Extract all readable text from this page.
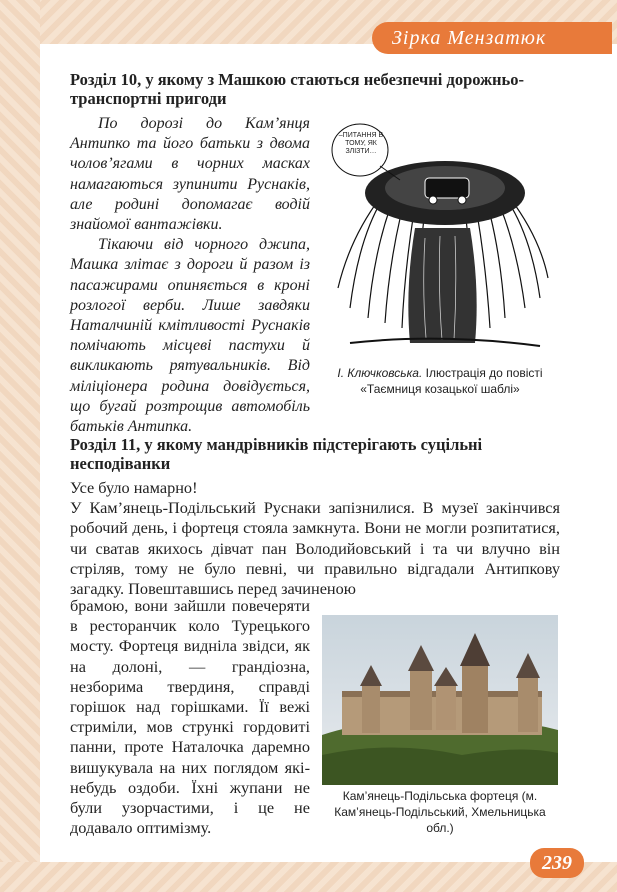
Зірка Мензатюк
Розділ 10, у якому з Машкою стаються небезпечні дорожньо-транспортні пригоди

По дорозі до Кам’янця Антипко та його батьки з двома чоловʼягами в чорних масках намагаються зупинити Руснаків, але родині допомагає водій знайомої вантажівки.

Тікаючи від чорного джипа, Машка злітає з дороги й разом із пасажирами опиняється в кроні розлогої верби. Лише завдяки Наталчиній кмітливості Руснаків помічають місцеві пастухи й викликають рятувальників. Від міліціонера родина довідується, що бугай розтрощив автомобіль батьків Антипка.

–ПИТАННЯ В ТОМУ, ЯК ЗЛІЗТИ…
І. Ключковська. Ілюстрація до повісті «Таємниця козацької шаблі»
Розділ 11, у якому мандрівників підстерігають суцільні несподіванки

Усе було намарно!

У Кам’янець-Подільський Руснаки запізнилися. В музеї закінчився робочий день, і фортеця стояла замкнута. Вони не могли розпитатися, чи сватав якихось дівчат пан Володийовський і та чи влучно він стріляв, тому не було певні, чи правильно відгадали Антипкову загадку. Повештавшись перед зачиненою

брамою, вони зайшли повечеряти в ресторанчик коло Турецького мосту. Фортеця видніла звідси, як на долоні, — грандіозна, незборима твердиня, справді горішок над горішками. Її вежі стриміли, мов стрункі гордовиті панни, проте Наталочка даремно вишукувала на них поглядом які-небудь оздоби. Їхні жупани не були узорчастими, і це не додавало оптимізму.
Кам’янець-Подільська фортеця (м. Кам’янець-Подільський, Хмельницька обл.)
239
